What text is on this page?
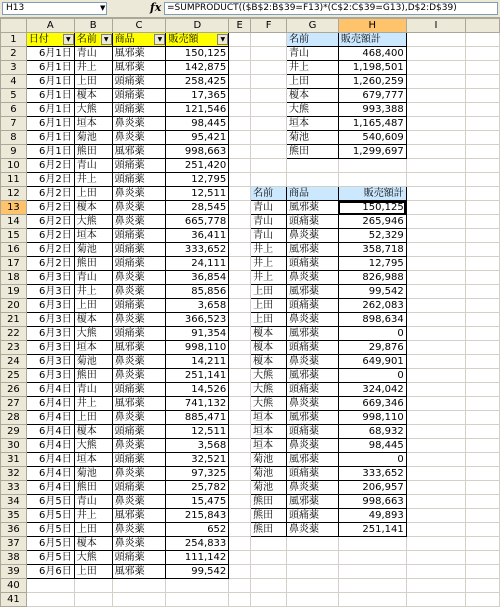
H13	▼	fx =SUMPRODUCT(($B$2:B$39=F13)*(C$2:C$39=G13),D$2:D$39)
	A	B	C	D	E	F	G	H	I	
1	日付 ▼	名前 ▼	商品 ▼	販売額 ▼			名前	販売額計		
2	6月1日	青山	風邪薬	150,125			青山	468,400		
3	6月1日	井上	風邪薬	142,875			井上	1,198,501		
4	6月1日	上田	頭痛薬	258,425			上田	1,260,259		
5	6月1日	榎本	頭痛薬	17,365			榎本	679,777		
6	6月1日	大熊	頭痛薬	121,546			大熊	993,388		
7	6月1日	垣本	鼻炎薬	98,445			垣本	1,165,487		
8	6月1日	菊池	鼻炎薬	95,421			菊池	540,609		
9	6月1日	熊田	風邪薬	998,663			熊田	1,299,697		
10	6月2日	青山	頭痛薬	251,420						
11	6月2日	井上	頭痛薬	12,795						
12	6月2日	上田	鼻炎薬	12,511		名前	商品	販売額計		
13	6月2日	榎本	鼻炎薬	28,545		青山	風邪薬	150,125		
14	6月2日	大熊	鼻炎薬	665,778		青山	頭痛薬	265,946		
15	6月2日	垣本	頭痛薬	36,411		青山	鼻炎薬	52,329		
16	6月2日	菊池	頭痛薬	333,652		井上	風邪薬	358,718		
17	6月2日	熊田	頭痛薬	24,111		井上	頭痛薬	12,795		
18	6月3日	青山	鼻炎薬	36,854		井上	鼻炎薬	826,988		
19	6月3日	井上	鼻炎薬	85,856		上田	風邪薬	99,542		
20	6月3日	上田	頭痛薬	3,658		上田	頭痛薬	262,083		
21	6月3日	榎本	鼻炎薬	366,523		上田	鼻炎薬	898,634		
22	6月3日	大熊	頭痛薬	91,354		榎本	風邪薬	0		
23	6月3日	垣本	風邪薬	998,110		榎本	頭痛薬	29,876		
24	6月3日	菊池	鼻炎薬	14,211		榎本	鼻炎薬	649,901		
25	6月3日	熊田	鼻炎薬	251,141		大熊	風邪薬	0		
26	6月4日	青山	頭痛薬	14,526		大熊	頭痛薬	324,042		
27	6月4日	井上	風邪薬	741,132		大熊	鼻炎薬	669,346		
28	6月4日	上田	鼻炎薬	885,471		垣本	風邪薬	998,110		
29	6月4日	榎本	頭痛薬	12,511		垣本	頭痛薬	68,932		
30	6月4日	大熊	鼻炎薬	3,568		垣本	鼻炎薬	98,445		
31	6月4日	垣本	頭痛薬	32,521		菊池	風邪薬	0		
32	6月4日	菊池	鼻炎薬	97,325		菊池	頭痛薬	333,652		
33	6月4日	熊田	頭痛薬	25,782		菊池	鼻炎薬	206,957		
34	6月5日	青山	鼻炎薬	15,475		熊田	風邪薬	998,663		
35	6月5日	井上	風邪薬	215,843		熊田	頭痛薬	49,893		
36	6月5日	上田	鼻炎薬	652		熊田	鼻炎薬	251,141		
37	6月5日	榎本	鼻炎薬	254,833						
38	6月5日	大熊	頭痛薬	111,142						
39	6月6日	上田	風邪薬	99,542						
40										
41										
